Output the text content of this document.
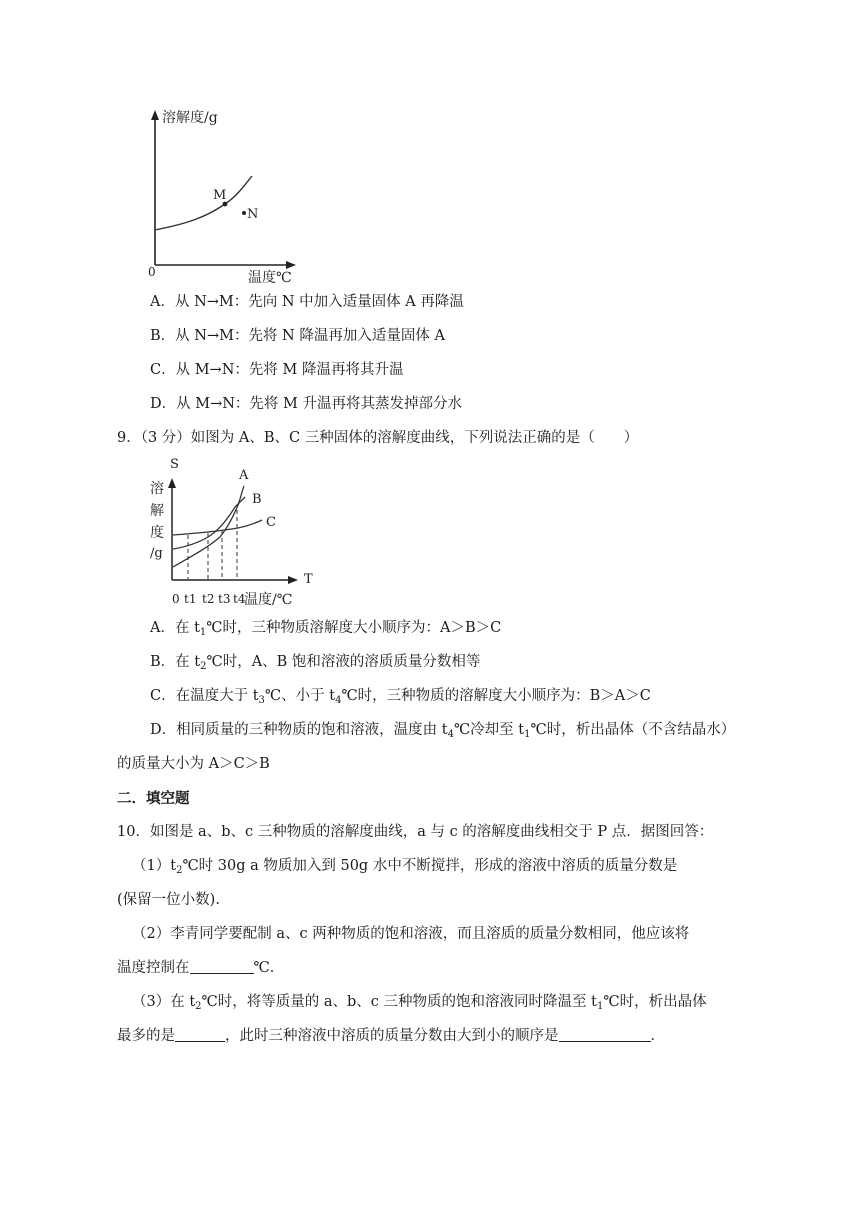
溶解度/g
M
N
0	温度℃
A．从 N→M：先向 N 中加入适量固体 A 再降温
B．从 N→M：先将 N 降温再加入适量固体 A
C．从 M→N：先将 M 降温再将其升温
D．从 M→N：先将 M 升温再将其蒸发掉部分水
9．（3 分）如图为 A、B、C 三种固体的溶解度曲线，下列说法正确的是（　　）
S
溶
解
度
/g
A
B
C
T
0 t1 t2 t3 t4
温度/℃
A．在 $t_1℃$时，三种物质溶解度大小顺序为：A＞B＞C
B．在 $t_2℃$时，A、B 饱和溶液的溶质质量分数相等
C．在温度大于 $t_3℃$、小于 $t_4℃$时，三种物质的溶解度大小顺序为：B＞A＞C
D．相同质量的三种物质的饱和溶液，温度由 $t_4℃$冷却至 $t_1℃$时，析出晶体（不含结晶水）
的质量大小为 A＞C＞B
二．填空题
10．如图是 a、b、c 三种物质的溶解度曲线，a 与 c 的溶解度曲线相交于 P 点．据图回答：
$(1)t_2℃$时 30g a 物质加入到 50g 水中不断搅拌，形成的溶液中溶质的质量分数是
(保留一位小数).
（2）李青同学要配制 a、c 两种物质的饱和溶液，而且溶质的质量分数相同，他应该将
温度控制在	℃．
（3）在 $t_2℃$时，将等质量的 a、b、c 三种物质的饱和溶液同时降温至 $t_1℃$时，析出晶体
最多的是	，此时三种溶液中溶质的质量分数由大到小的顺序是	．
